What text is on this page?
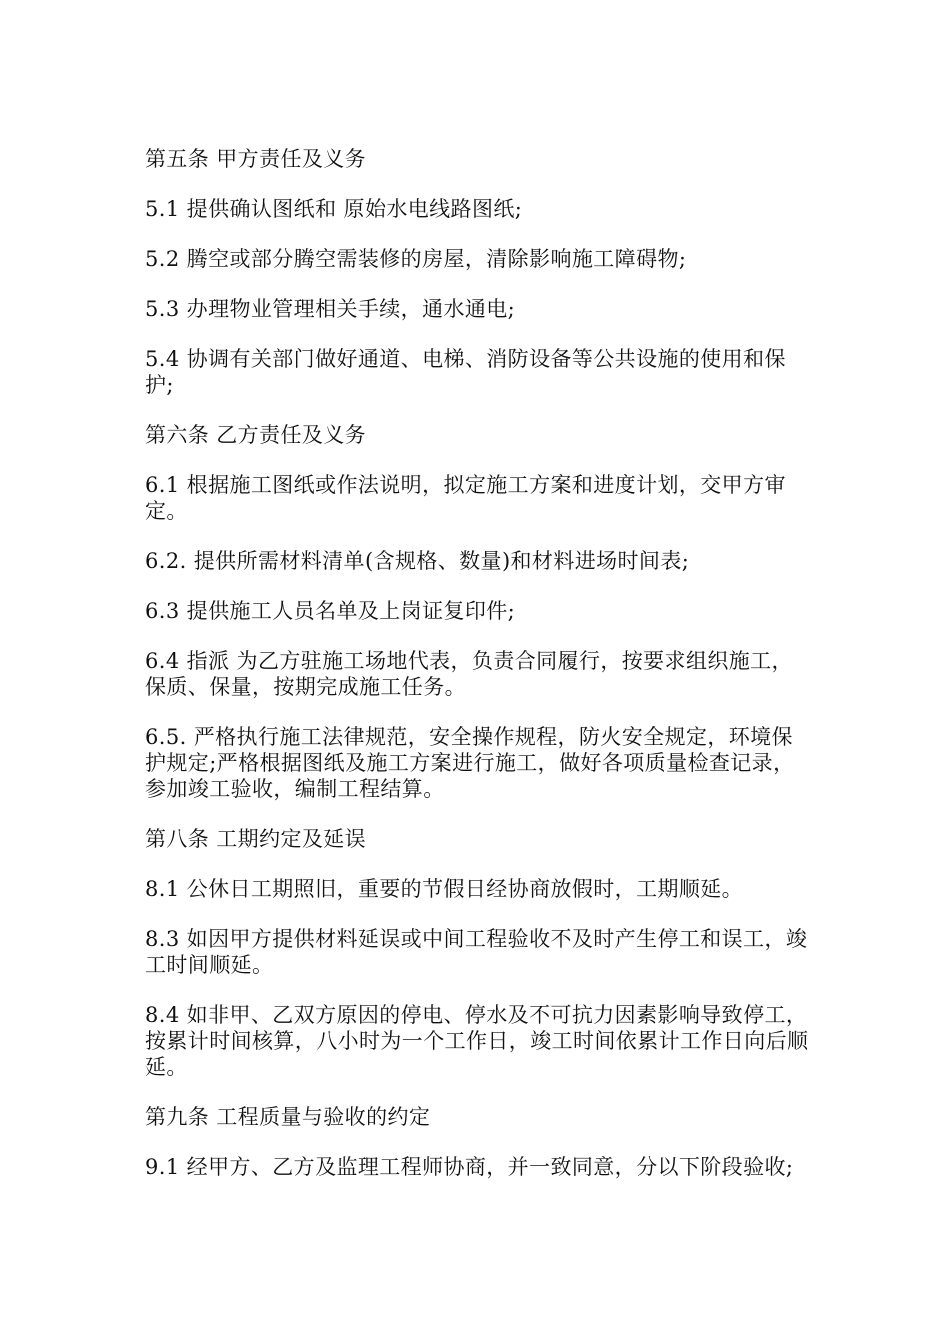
第五条 甲方责任及义务

5.1 提供确认图纸和 原始水电线路图纸;

5.2 腾空或部分腾空需装修的房屋，清除影响施工障碍物;

5.3 办理物业管理相关手续，通水通电;

5.4 协调有关部门做好通道、电梯、消防设备等公共设施的使用和保护;

第六条 乙方责任及义务

6.1 根据施工图纸或作法说明，拟定施工方案和进度计划，交甲方审定。

6.2. 提供所需材料清单(含规格、数量)和材料进场时间表;

6.3 提供施工人员名单及上岗证复印件;

6.4 指派 为乙方驻施工场地代表，负责合同履行，按要求组织施工，保质、保量，按期完成施工任务。

6.5. 严格执行施工法律规范，安全操作规程，防火安全规定，环境保护规定;严格根据图纸及施工方案进行施工，做好各项质量检查记录，参加竣工验收，编制工程结算。

第八条 工期约定及延误

8.1 公休日工期照旧，重要的节假日经协商放假时，工期顺延。

8.3 如因甲方提供材料延误或中间工程验收不及时产生停工和误工，竣工时间顺延。

8.4 如非甲、乙双方原因的停电、停水及不可抗力因素影响导致停工，按累计时间核算，八小时为一个工作日，竣工时间依累计工作日向后顺延。

第九条 工程质量与验收的约定

9.1 经甲方、乙方及监理工程师协商，并一致同意，分以下阶段验收;
